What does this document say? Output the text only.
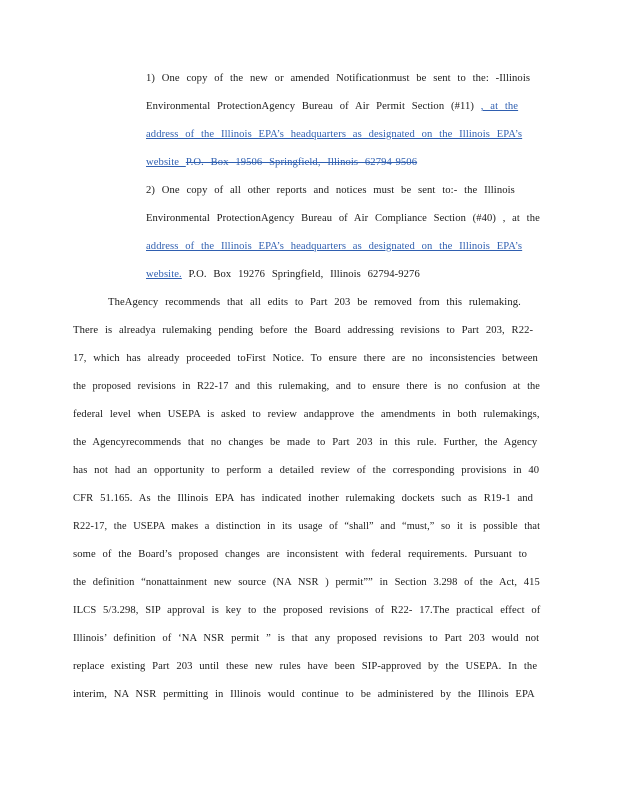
1) One copy of the new or amended Notificationmust be sent to the: -Illinois
Environmental ProtectionAgency Bureau of Air Permit Section (#11) , at the
address of the Illinois EPA’s headquarters as designated on the Illinois EPA’s
website P.O. Box 19506 Springfield, Illinois 62794-9506
2) One copy of all other reports and notices must be sent to:- the Illinois
Environmental ProtectionAgency Bureau of Air Compliance Section (#40) , at the
address of the Illinois EPA’s headquarters as designated on the Illinois EPA’s
website. P.O. Box 19276 Springfield, Illinois 62794-9276
TheAgency recommends that all edits to Part 203 be removed from this rulemaking.
There is alreadya rulemaking pending before the Board addressing revisions to Part 203, R22-
17, which has already proceeded toFirst Notice. To ensure there are no inconsistencies between
the proposed revisions in R22-17 and this rulemaking, and to ensure there is no confusion at the
federal level when USEPA is asked to review andapprove the amendments in both rulemakings,
the Agencyrecommends that no changes be made to Part 203 in this rule. Further, the Agency
has not had an opportunity to perform a detailed review of the corresponding provisions in 40
CFR 51.165. As the Illinois EPA has indicated inother rulemaking dockets such as R19-1 and
R22-17, the USEPA makes a distinction in its usage of “shall” and “must,” so it is possible that
some of the Board’s proposed changes are inconsistent with federal requirements. Pursuant to
the definition “nonattainment new source (NA NSR ) permit”” in Section 3.298 of the Act, 415
ILCS 5/3.298, SIP approval is key to the proposed revisions of R22- 17.The practical effect of
Illinois’ definition of ‘NA NSR permit ” is that any proposed revisions to Part 203 would not
replace existing Part 203 until these new rules have been SIP-approved by the USEPA. In the
interim, NA NSR permitting in Illinois would continue to be administered by the Illinois EPA
